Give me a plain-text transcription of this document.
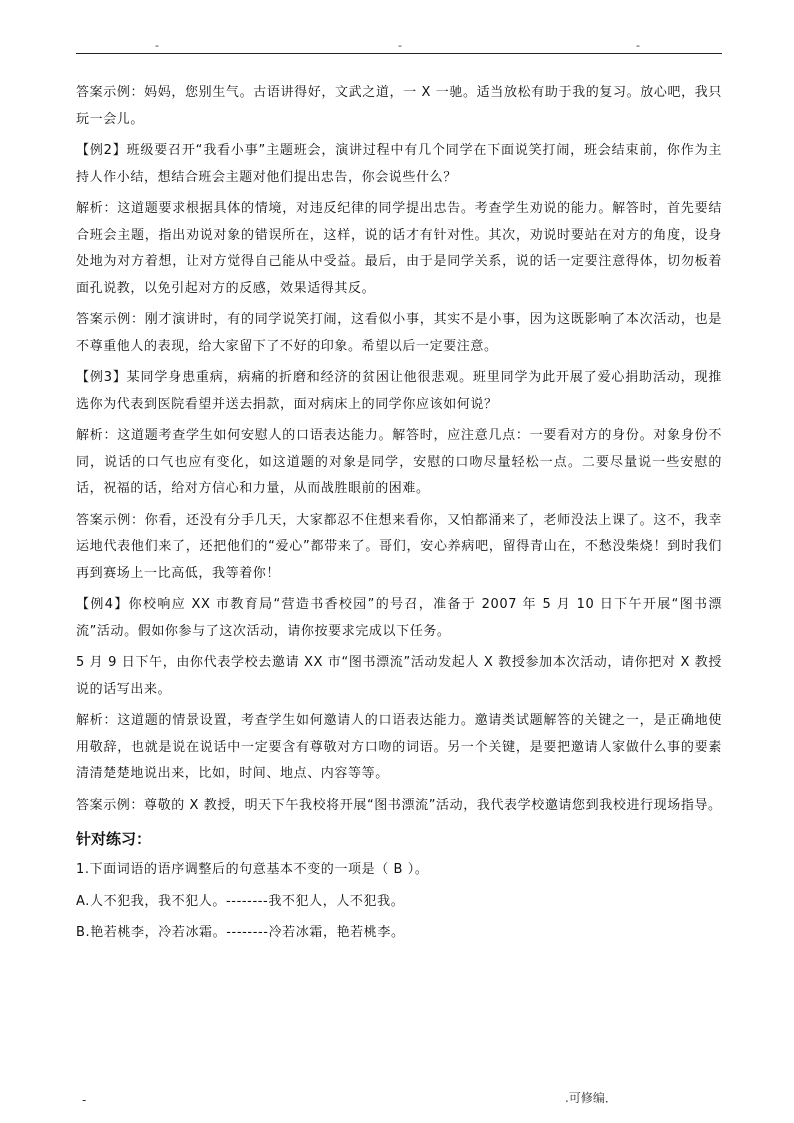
-	-	-

答案示例：妈妈，您别生气。古语讲得好，文武之道，一 X 一驰。适当放松有助于我的复习。放心吧，我只玩一会儿。

【例2】班级要召开“我看小事”主题班会，演讲过程中有几个同学在下面说笑打闹，班会结束前，你作为主持人作小结，想结合班会主题对他们提出忠告，你会说些什么？

解析：这道题要求根据具体的情境，对违反纪律的同学提出忠告。考查学生劝说的能力。解答时，首先要结合班会主题，指出劝说对象的错误所在，这样，说的话才有针对性。其次，劝说时要站在对方的角度，设身处地为对方着想，让对方觉得自己能从中受益。最后，由于是同学关系，说的话一定要注意得体，切勿板着面孔说教，以免引起对方的反感，效果适得其反。

答案示例：刚才演讲时，有的同学说笑打闹，这看似小事，其实不是小事，因为这既影响了本次活动，也是不尊重他人的表现，给大家留下了不好的印象。希望以后一定要注意。

【例3】某同学身患重病，病痛的折磨和经济的贫困让他很悲观。班里同学为此开展了爱心捐助活动，现推选你为代表到医院看望并送去捐款，面对病床上的同学你应该如何说？

解析：这道题考查学生如何安慰人的口语表达能力。解答时，应注意几点：一要看对方的身份。对象身份不同，说话的口气也应有变化，如这道题的对象是同学，安慰的口吻尽量轻松一点。二要尽量说一些安慰的话，祝福的话，给对方信心和力量，从而战胜眼前的困难。

答案示例：你看，还没有分手几天，大家都忍不住想来看你，又怕都涌来了，老师没法上课了。这不，我幸运地代表他们来了，还把他们的“爱心”都带来了。哥们，安心养病吧，留得青山在，不愁没柴烧！到时我们再到赛场上一比高低，我等着你！

【例4】你校响应 XX 市教育局“营造书香校园”的号召，准备于 2007 年 5 月 10 日下午开展“图书漂流”活动。假如你参与了这次活动，请你按要求完成以下任务。

5 月 9 日下午，由你代表学校去邀请 XX 市“图书漂流”活动发起人 X 教授参加本次活动，请你把对 X 教授说的话写出来。

解析：这道题的情景设置，考查学生如何邀请人的口语表达能力。邀请类试题解答的关键之一，是正确地使用敬辞，也就是说在说话中一定要含有尊敬对方口吻的词语。另一个关键，是要把邀请人家做什么事的要素清清楚楚地说出来，比如，时间、地点、内容等等。

答案示例：尊敬的 X 教授，明天下午我校将开展“图书漂流”活动，我代表学校邀请您到我校进行现场指导。

针对练习：

1.下面词语的语序调整后的句意基本不变的一项是（ B ）。

A.人不犯我，我不犯人。--------我不犯人，人不犯我。

B.艳若桃李，冷若冰霜。--------冷若冰霜，艳若桃李。

-	.可修编．
